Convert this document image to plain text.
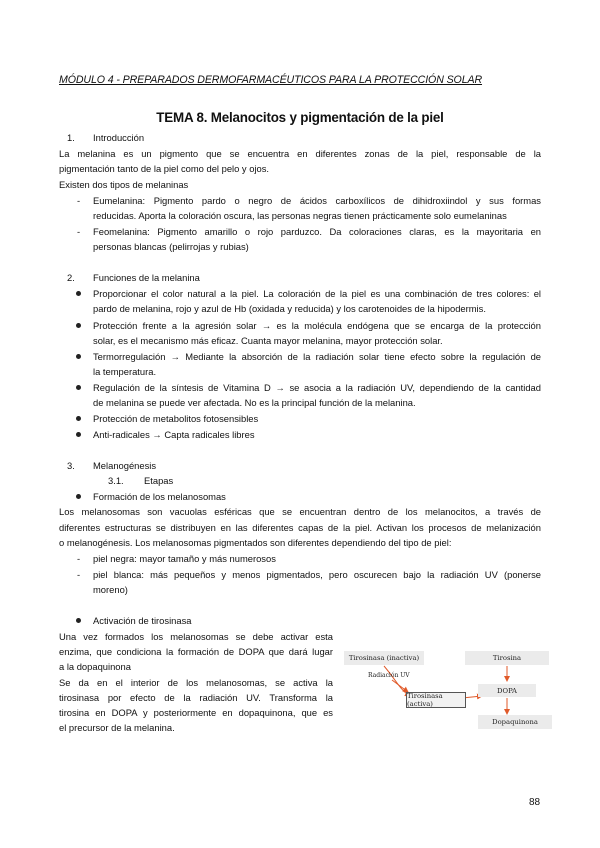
MÓDULO 4 - PREPARADOS DERMOFARMACÉUTICOS PARA LA PROTECCIÓN SOLAR
TEMA 8. Melanocitos y pigmentación de la piel
1. Introducción
La melanina es un pigmento que se encuentra en diferentes zonas de la piel, responsable de la
pigmentación tanto de la piel como del pelo y ojos.
Existen dos tipos de melaninas
- Eumelanina: Pigmento pardo o negro de ácidos carboxílicos de dihidroxiindol y sus formas
reducidas. Aporta la coloración oscura, las personas negras tienen prácticamente solo eumelaninas
- Feomelanina: Pigmento amarillo o rojo parduzco. Da coloraciones claras, es la mayoritaria en
personas blancas (pelirrojas y rubias)
2. Funciones de la melanina
Proporcionar el color natural a la piel. La coloración de la piel es una combinación de tres colores: el
pardo de melanina, rojo y azul de Hb (oxidada y reducida) y los carotenoides de la hipodermis.
Protección frente a la agresión solar → es la molécula endógena que se encarga de la protección
solar, es el mecanismo más eficaz. Cuanta mayor melanina, mayor protección solar.
Termorregulación → Mediante la absorción de la radiación solar tiene efecto sobre la regulación de
la temperatura.
Regulación de la síntesis de Vitamina D → se asocia a la radiación UV, dependiendo de la cantidad
de melanina se puede ver afectada. No es la principal función de la melanina.
Protección de metabolitos fotosensibles
Anti-radicales → Capta radicales libres
3. Melanogénesis
3.1. Etapas
Formación de los melanosomas
Los melanosomas son vacuolas esféricas que se encuentran dentro de los melanocitos, a través de
diferentes estructuras se distribuyen en las diferentes capas de la piel. Activan los procesos de melanización
o melanogénesis. Los melanosomas pigmentados son diferentes dependiendo del tipo de piel:
- piel negra: mayor tamaño y más numerosos
- piel blanca: más pequeños y menos pigmentados, pero oscurecen bajo la radiación UV (ponerse
moreno)
Activación de tirosinasa
Una vez formados los melanosomas se debe activar esta
enzima, que condiciona la formación de DOPA que dará lugar
a la dopaquinona
Se da en el interior de los melanosomas, se activa la
tirosinasa por efecto de la radiación UV. Transforma la
tirosina en DOPA y posteriormente en dopaquinona, que es
el precursor de la melanina.
Tirosinasa (inactiva)	Tirosina
Radiación UV
DOPA
Tirosinasa (activa)
Dopaquinona
88
